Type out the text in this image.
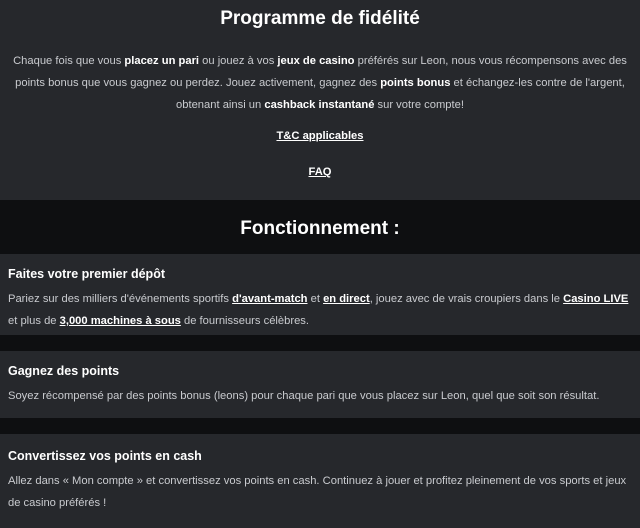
Programme de fidélité

Chaque fois que vous placez un pari ou jouez à vos jeux de casino préférés sur Leon, nous vous récompensons avec des points bonus que vous gagnez ou perdez. Jouez activement, gagnez des points bonus et échangez-les contre de l'argent, obtenant ainsi un cashback instantané sur votre compte!

T&C applicables
FAQ
Fonctionnement :
Faites votre premier dépôt

Pariez sur des milliers d'événements sportifs d'avant-match et en direct, jouez avec de vrais croupiers dans le Casino LIVE et plus de 3,000 machines à sous de fournisseurs célèbres.

Gagnez des points

Soyez récompensé par des points bonus (leons) pour chaque pari que vous placez sur Leon, quel que soit son résultat.

Convertissez vos points en cash

Allez dans « Mon compte » et convertissez vos points en cash. Continuez à jouer et profitez pleinement de vos sports et jeux de casino préférés !
